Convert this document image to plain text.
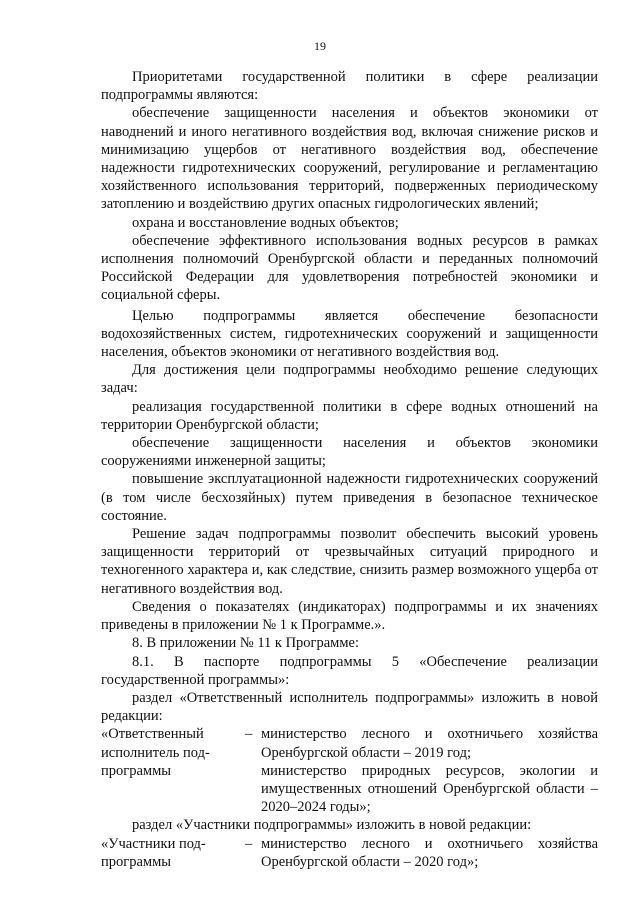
19

Приоритетами государственной политики в сфере реализации подпрограммы являются:

обеспечение защищенности населения и объектов экономики от наводнений и иного негативного воздействия вод, включая снижение рисков и минимизацию ущербов от негативного воздействия вод, обеспечение надежности гидротехнических сооружений, регулирование и регламентацию хозяйственного использования территорий, подверженных периодическому затоплению и воздействию других опасных гидрологических явлений;

охрана и восстановление водных объектов;

обеспечение эффективного использования водных ресурсов в рамках исполнения полномочий Оренбургской области и переданных полномочий Российской Федерации для удовлетворения потребностей экономики и социальной сферы.

Целью подпрограммы является обеспечение безопасности водохозяйственных систем, гидротехнических сооружений и защищенности населения, объектов экономики от негативного воздействия вод.

Для достижения цели подпрограммы необходимо решение следующих задач:

реализация государственной политики в сфере водных отношений на территории Оренбургской области;

обеспечение защищенности населения и объектов экономики сооружениями инженерной защиты;

повышение эксплуатационной надежности гидротехнических сооружений (в том числе бесхозяйных) путем приведения в безопасное техническое состояние.

Решение задач подпрограммы позволит обеспечить высокий уровень защищенности территорий от чрезвычайных ситуаций природного и техногенного характера и, как следствие, снизить размер возможного ущерба от негативного воздействия вод.

Сведения о показателях (индикаторах) подпрограммы и их значениях приведены в приложении № 1 к Программе.».

8. В приложении № 11 к Программе:

8.1. В паспорте подпрограммы 5 «Обеспечение реализации государственной программы»:

раздел «Ответственный исполнитель подпрограммы» изложить в новой редакции:

«Ответственный
исполнитель под-
программы
– министерство лесного и охотничьего хозяйства Оренбургской области – 2019 год;

министерство природных ресурсов, экологии и имущественных отношений Оренбургской области – 2020–2024 годы»;

раздел «Участники подпрограммы» изложить в новой редакции:

«Участники под-
программы
– министерство лесного и охотничьего хозяйства Оренбургской области – 2020 год»;
